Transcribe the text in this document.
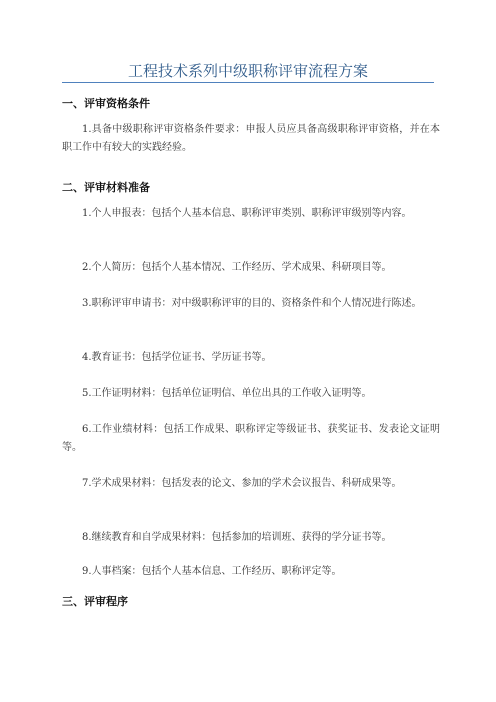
工程技术系列中级职称评审流程方案
一、评审资格条件

1.具备中级职称评审资格条件要求：申报人员应具备高级职称评审资格，并在本职工作中有较大的实践经验。

二、评审材料准备

1.个人申报表：包括个人基本信息、职称评审类别、职称评审级别等内容。

2.个人简历：包括个人基本情况、工作经历、学术成果、科研项目等。

3.职称评审申请书：对中级职称评审的目的、资格条件和个人情况进行陈述。

4.教育证书：包括学位证书、学历证书等。

5.工作证明材料：包括单位证明信、单位出具的工作收入证明等。

6.工作业绩材料：包括工作成果、职称评定等级证书、获奖证书、发表论文证明等。

7.学术成果材料：包括发表的论文、参加的学术会议报告、科研成果等。

8.继续教育和自学成果材料：包括参加的培训班、获得的学分证书等。

9.人事档案：包括个人基本信息、工作经历、职称评定等。

三、评审程序
